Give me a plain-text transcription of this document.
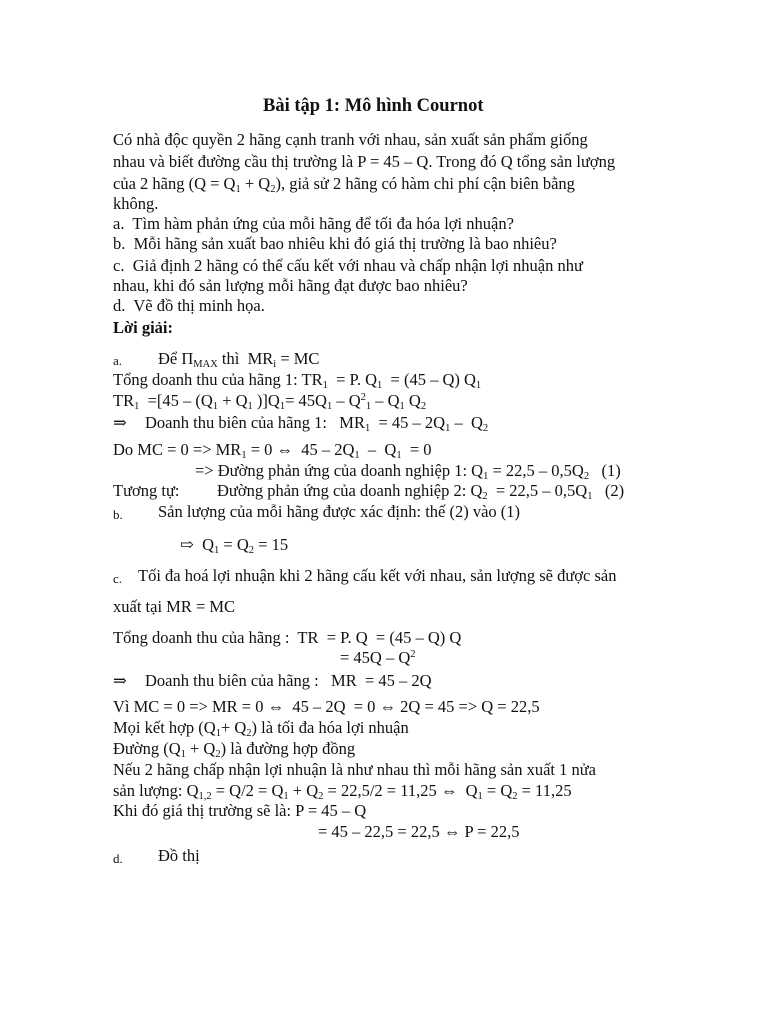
Bài tập 1: Mô hình Cournot
Có nhà độc quyền 2 hãng cạnh tranh với nhau, sản xuất sản phẩm giống
nhau và biết đường cầu thị trường là P = 45 – Q. Trong đó Q tổng sản lượng
của 2 hãng $(Q = Q_1 + Q_2)$, giả sử 2 hãng có hàm chi phí cận biên bằng
không.
a.  Tìm hàm phản ứng của mỗi hãng để tối đa hóa lợi nhuận?
b.  Mỗi hãng sản xuất bao nhiêu khi đó giá thị trường là bao nhiêu?
c.  Giả định 2 hãng có thể cấu kết với nhau và chấp nhận lợi nhuận như
nhau, khi đó sản lượng mỗi hãng đạt được bao nhiêu?
d.  Vẽ đồ thị minh họa.
Lời giải:
a. Để $\Pi_{MAX}$ thì  $MR_i$ = MC
Tổng doanh thu của hãng 1: $TR_1 = P$. $Q_1 = (45 - Q)$ $Q_1$
$TR_1 =[45 - (Q_1 + Q_1$ )]$Q_1= 45Q_1 - Q^2_1 - Q_1$ $Q_2$
⇒ Doanh thu biên của hãng 1:   $MR_1 = 45 - 2Q_1 - Q_2$
Do MC = $0 => MR_1 = 0$ ⇔  $45 - 2Q_1 - Q_1 = 0$
=> Đường phản ứng của doanh nghiệp 1: $Q_1 = 22,5 - 0,5Q_2$   (1)
Tương tự: Đường phản ứng của doanh nghiệp 2: $Q_2 = 22,5 - 0,5Q_1$   (2)
b. Sản lượng của mỗi hãng được xác định: thế (2) vào (1)
⇨ $Q_1 = Q_2 = 15$
c. Tối đa hoá lợi nhuận khi 2 hãng cấu kết với nhau, sản lượng sẽ được sản
xuất tại MR = MC
Tổng doanh thu của hãng :  TR  = P. Q  = (45 – Q) Q
= $45Q - Q^2$
⇒ Doanh thu biên của hãng :   MR  = 45 – 2Q
Vì MC = 0 => MR = 0 ⇔  45 – 2Q  = 0 ⇔ 2Q = 45 => Q = 22,5
Mọi kết hợp $(Q_1+ Q_2)$ là tối đa hóa lợi nhuận
Đường $(Q_1 + Q_2)$ là đường hợp đồng
Nếu 2 hãng chấp nhận lợi nhuận là như nhau thì mỗi hãng sản xuất 1 nửa
sản lượng: $Q_{1,2} = Q/2 = Q_1 + Q_2 = 22,5/2 = 11,25$ ⇔  $Q_1 = Q_2 = 11,25$
Khi đó giá thị trường sẽ là: P = 45 – Q
= 45 – 22,5 = 22,5 ⇔ P = 22,5
d. Đồ thị
